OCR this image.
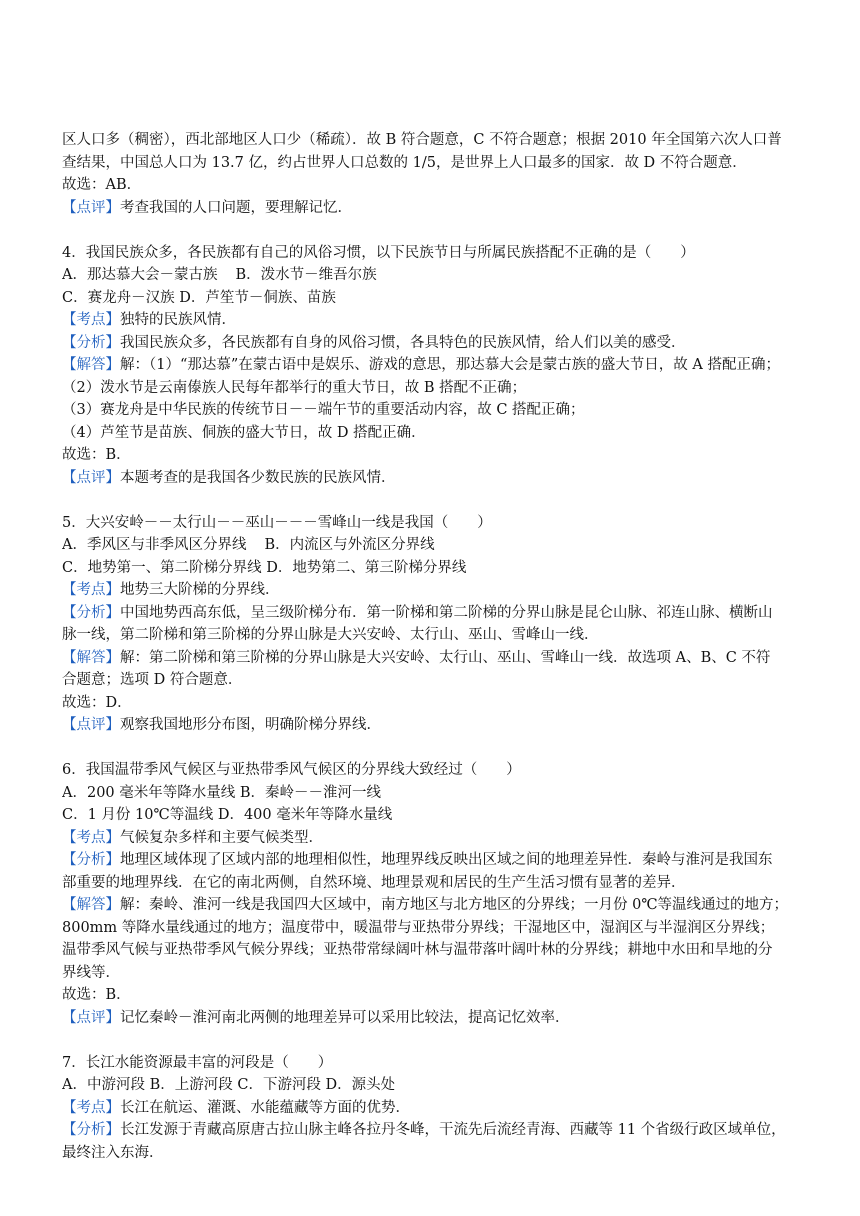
区人口多（稠密），西北部地区人口少（稀疏）．故 B 符合题意，C 不符合题意；根据 2010 年全国第六次人口普
查结果，中国总人口为 13.7 亿，约占世界人口总数的 1/5，是世界上人口最多的国家．故 D 不符合题意．
故选：AB．
【点评】考查我国的人口问题，要理解记忆．
4．我国民族众多，各民族都有自己的风俗习惯，以下民族节日与所属民族搭配不正确的是（　　）
A．那达慕大会－蒙古族 B．泼水节－维吾尔族
C．赛龙舟－汉族 D．芦笙节－侗族、苗族
【考点】独特的民族风情．
【分析】我国民族众多，各民族都有自身的风俗习惯，各具特色的民族风情，给人们以美的感受．
【解答】解：（1）“那达慕”在蒙古语中是娱乐、游戏的意思，那达慕大会是蒙古族的盛大节日，故 A 搭配正确；
（2）泼水节是云南傣族人民每年都举行的重大节日，故 B 搭配不正确；
（3）赛龙舟是中华民族的传统节日－－端午节的重要活动内容，故 C 搭配正确；
（4）芦笙节是苗族、侗族的盛大节日，故 D 搭配正确．
故选：B．
【点评】本题考查的是我国各少数民族的民族风情．
5．大兴安岭－－太行山－－巫山－－－雪峰山一线是我国（　　）
A．季风区与非季风区分界线 B．内流区与外流区分界线
C．地势第一、第二阶梯分界线 D．地势第二、第三阶梯分界线
【考点】地势三大阶梯的分界线．
【分析】中国地势西高东低，呈三级阶梯分布．第一阶梯和第二阶梯的分界山脉是昆仑山脉、祁连山脉、横断山
脉一线，第二阶梯和第三阶梯的分界山脉是大兴安岭、太行山、巫山、雪峰山一线．
【解答】解：第二阶梯和第三阶梯的分界山脉是大兴安岭、太行山、巫山、雪峰山一线．故选项 A、B、C 不符
合题意；选项 D 符合题意．
故选：D．
【点评】观察我国地形分布图，明确阶梯分界线．
6．我国温带季风气候区与亚热带季风气候区的分界线大致经过（　　）
A．200 毫米年等降水量线 B．秦岭－－淮河一线
C．1 月份 10℃等温线 D．400 毫米年等降水量线
【考点】气候复杂多样和主要气候类型．
【分析】地理区域体现了区域内部的地理相似性，地理界线反映出区域之间的地理差异性．秦岭与淮河是我国东
部重要的地理界线．在它的南北两侧，自然环境、地理景观和居民的生产生活习惯有显著的差异．
【解答】解：秦岭、淮河一线是我国四大区域中，南方地区与北方地区的分界线；一月份 0℃等温线通过的地方；
800mm 等降水量线通过的地方；温度带中，暖温带与亚热带分界线；干湿地区中，湿润区与半湿润区分界线；
温带季风气候与亚热带季风气候分界线；亚热带常绿阔叶林与温带落叶阔叶林的分界线；耕地中水田和旱地的分
界线等．
故选：B．
【点评】记忆秦岭－淮河南北两侧的地理差异可以采用比较法，提高记忆效率．
7．长江水能资源最丰富的河段是（　　）
A．中游河段 B．上游河段 C．下游河段 D．源头处
【考点】长江在航运、灌溉、水能蕴藏等方面的优势．
【分析】长江发源于青藏高原唐古拉山脉主峰各拉丹冬峰，干流先后流经青海、西藏等 11 个省级行政区域单位，
最终注入东海．
